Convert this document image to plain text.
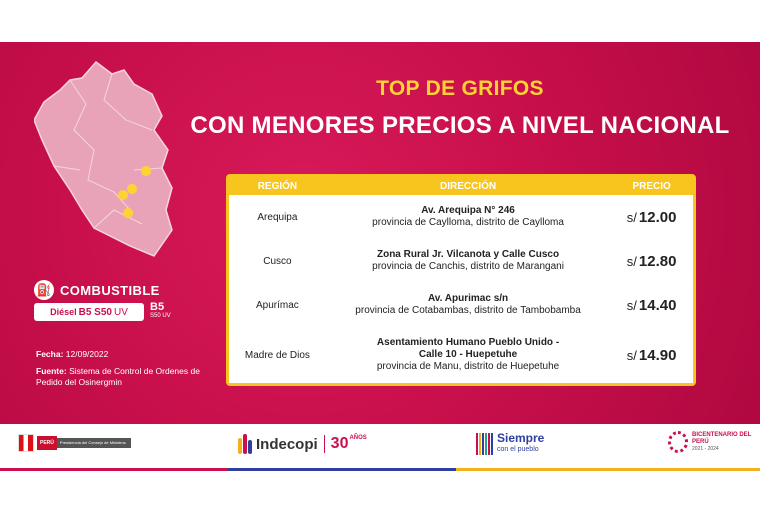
TOP DE GRIFOS
CON MENORES PRECIOS A NIVEL NACIONAL
⛽ COMBUSTIBLE
Diésel B5 S50 UV B5
S50 UV
Fecha: 12/09/2022
Fuente: Sistema de Control de Ordenes de Pedido del Osinergmin
REGIÓN	DIRECCIÓN	PRECIO

Arequipa	Av. Arequipa N° 246
provincia de Caylloma, distrito de Caylloma	s/ 12.00

Cusco	Zona Rural Jr. Vilcanota y Calle Cusco
provincia de Canchis, distrito de Marangani	s/ 12.80

Apurímac	Av. Apurimac s/n
provincia de Cotabambas, distrito de Tambobamba	s/ 14.40

Madre de Dios	Asentamiento Humano Pueblo Unido -
Calle 10 - Huepetuhe
provincia de Manu, distrito de Huepetuhe	s/ 14.90
PERÚ	Presidencia del Consejo de Ministros	Indecopi 30 AÑOS	Siempre
con el pueblo
BICENTENARIO DEL PERÚ
2021 - 2024
